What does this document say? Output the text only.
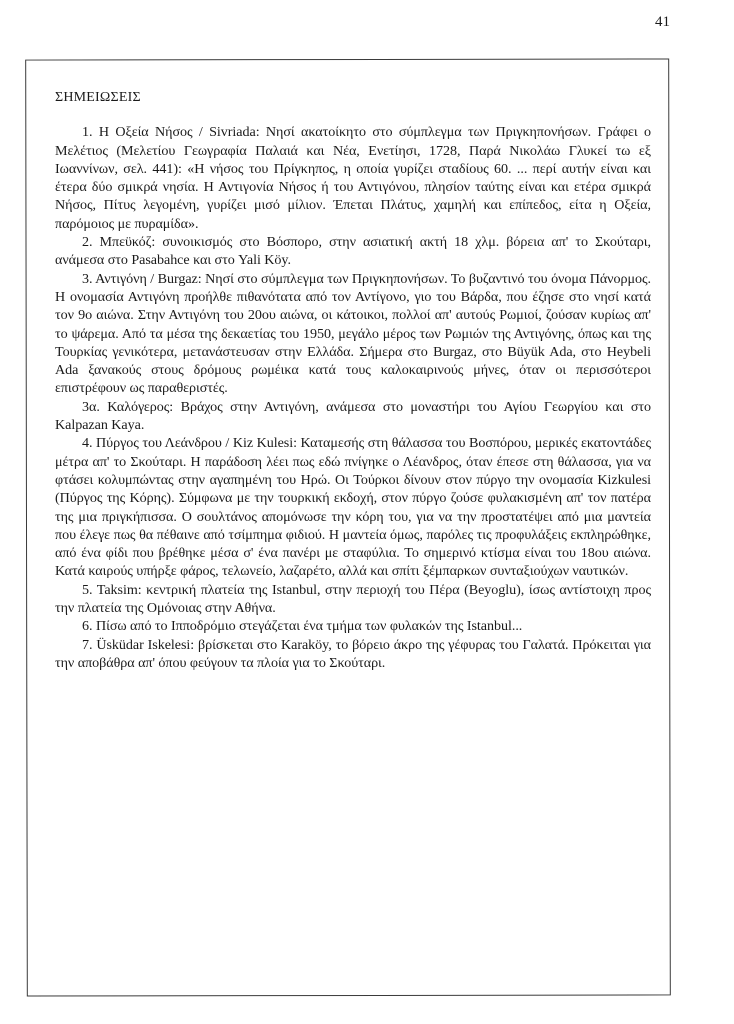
41
ΣΗΜΕΙΩΣΕΙΣ

1. Η Οξεία Νήσος / Sivriada: Νησί ακατοίκητο στο σύμπλεγμα των Πριγκηπονήσων. Γράφει ο Μελέτιος (Μελετίου Γεωγραφία Παλαιά και Νέα, Ενετίησι, 1728, Παρά Νικολάω Γλυκεί τω εξ Ιωαννίνων, σελ. 441): «Η νήσος του Πρίγκηπος, η οποία γυρίζει σταδίους 60. ... περί αυτήν είναι και έτερα δύο σμικρά νησία. Η Αντιγονία Νήσος ή του Αντιγόνου, πλησίον ταύτης είναι και ετέρα σμικρά Νήσος, Πίτυς λεγομένη, γυρίζει μισό μίλιον. Έπεται Πλάτυς, χαμηλή και επίπεδος, είτα η Οξεία, παρόμοιος με πυραμίδα».

2. Μπεϋκόζ: συνοικισμός στο Βόσπορο, στην ασιατική ακτή 18 χλμ. βόρεια απ' το Σκούταρι, ανάμεσα στο Pasabahce και στο Yali Köy.

3. Αντιγόνη / Burgaz: Νησί στο σύμπλεγμα των Πριγκηπονήσων. Το βυζαντινό του όνομα Πάνορμος. Η ονομασία Αντιγόνη προήλθε πιθανότατα από τον Αντίγονο, γιο του Βάρδα, που έζησε στο νησί κατά τον 9ο αιώνα. Στην Αντιγόνη του 20ου αιώνα, οι κάτοικοι, πολλοί απ' αυτούς Ρωμιοί, ζούσαν κυρίως απ' το ψάρεμα. Από τα μέσα της δεκαετίας του 1950, μεγάλο μέρος των Ρωμιών της Αντιγόνης, όπως και της Τουρκίας γενικότερα, μετανάστευσαν στην Ελλάδα. Σήμερα στο Burgaz, στο Büyük Ada, στο Heybeli Ada ξανακούς στους δρόμους ρωμέικα κατά τους καλοκαιρινούς μήνες, όταν οι περισσότεροι επιστρέφουν ως παραθεριστές.

3α. Καλόγερος: Βράχος στην Αντιγόνη, ανάμεσα στο μοναστήρι του Αγίου Γεωργίου και στο Kalpazan Kaya.

4. Πύργος του Λεάνδρου / Kiz Kulesi: Καταμεσής στη θάλασσα του Βοσπόρου, μερικές εκατοντάδες μέτρα απ' το Σκούταρι. Η παράδοση λέει πως εδώ πνίγηκε ο Λέανδρος, όταν έπεσε στη θάλασσα, για να φτάσει κολυμπώντας στην αγαπημένη του Ηρώ. Οι Τούρκοι δίνουν στον πύργο την ονομασία Kizkulesi (Πύργος της Κόρης). Σύμφωνα με την τουρκική εκδοχή, στον πύργο ζούσε φυλακισμένη απ' τον πατέρα της μια πριγκήπισσα. Ο σουλτάνος απομόνωσε την κόρη του, για να την προστατέψει από μια μαντεία που έλεγε πως θα πέθαινε από τσίμπημα φιδιού. Η μαντεία όμως, παρόλες τις προφυλάξεις εκπληρώθηκε, από ένα φίδι που βρέθηκε μέσα σ' ένα πανέρι με σταφύλια. Το σημερινό κτίσμα είναι του 18ου αιώνα. Κατά καιρούς υπήρξε φάρος, τελωνείο, λαζαρέτο, αλλά και σπίτι ξέμπαρκων συνταξιούχων ναυτικών.

5. Taksim: κεντρική πλατεία της Istanbul, στην περιοχή του Πέρα (Beyoglu), ίσως αντίστοιχη προς την πλατεία της Ομόνοιας στην Αθήνα.

6. Πίσω από το Ιπποδρόμιο στεγάζεται ένα τμήμα των φυλακών της Istanbul...

7. Üsküdar Iskelesi: βρίσκεται στο Karaköy, το βόρειο άκρο της γέφυρας του Γαλατά. Πρόκειται για την αποβάθρα απ' όπου φεύγουν τα πλοία για το Σκούταρι.
